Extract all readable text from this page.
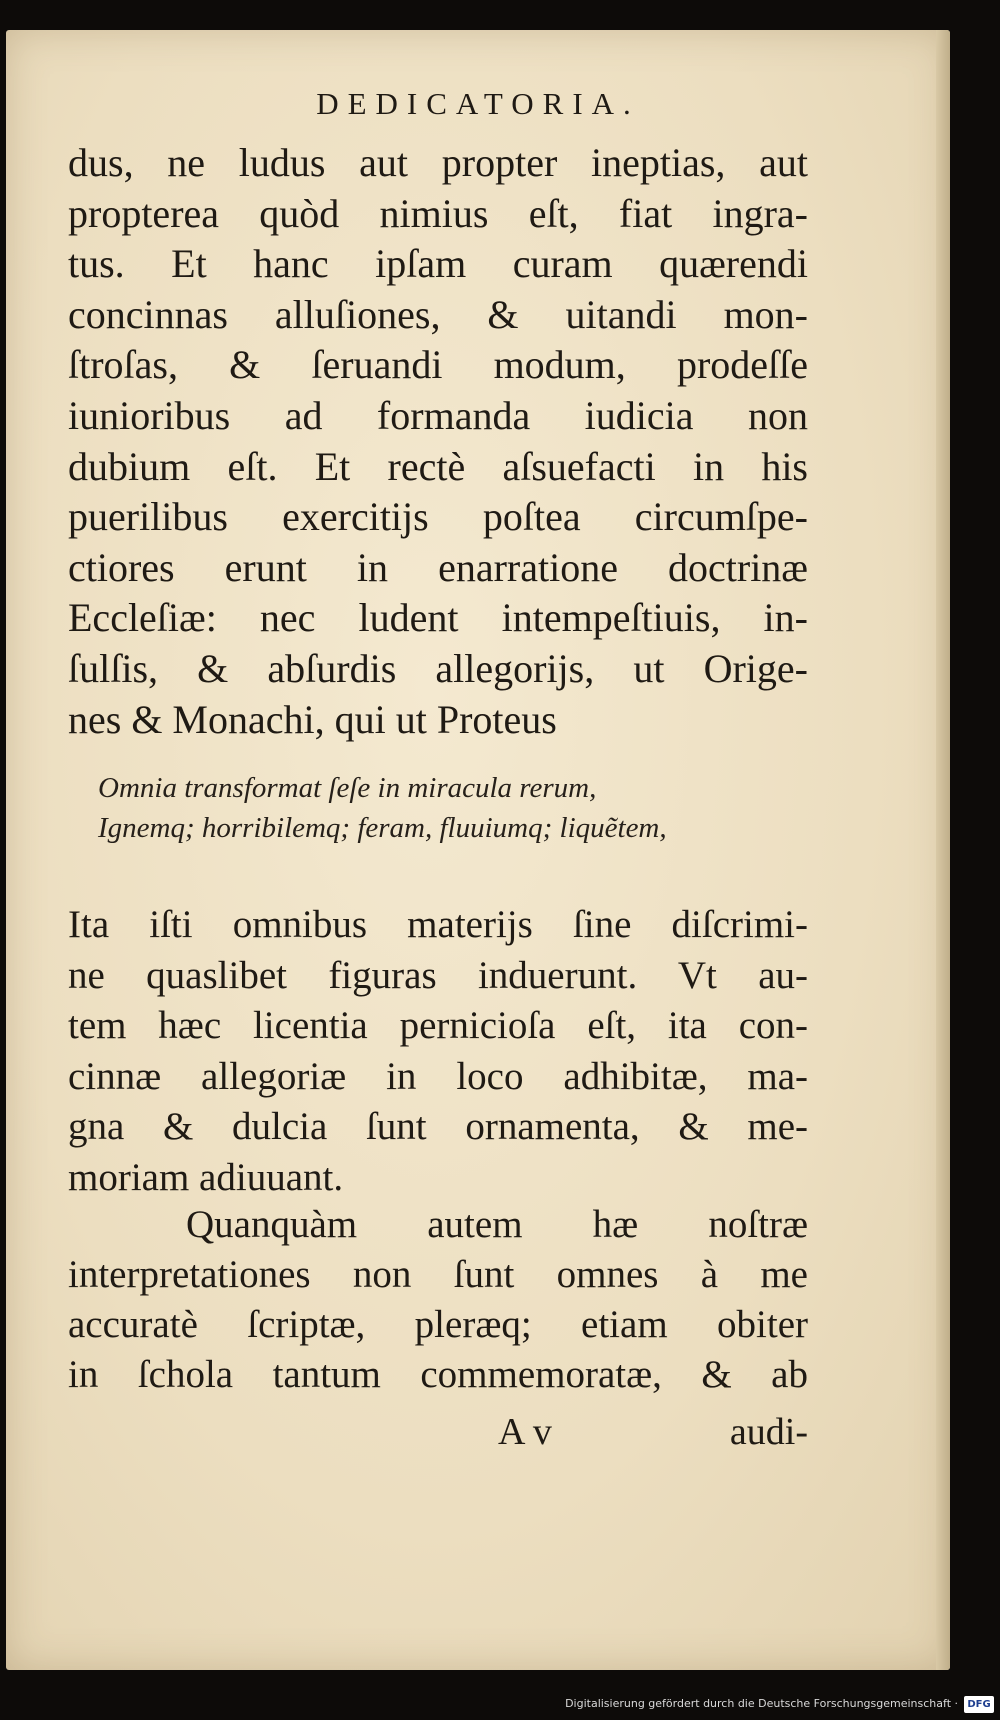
DEDICATORIA.
dus, ne ludus aut propter ineptias, aut
propterea quòd nimius eſt, fiat ingra-
tus. Et hanc ipſam curam quærendi
concinnas alluſiones, & uitandi mon-
ſtroſas, & ſeruandi modum, prodeſſe
iunioribus ad formanda iudicia non
dubium eſt. Et rectè aſsuefacti in his
puerilibus exercitijs poſtea circumſpe-
ctiores erunt in enarratione doctrinæ
Eccleſiæ: nec ludent intempeſtiuis, in-
ſulſis, & abſurdis allegorijs, ut Orige-
nes & Monachi, qui ut Proteus
Omnia transformat ſeſe in miracula rerum,
Ignemq; horribilemq; feram, fluuiumq; liquẽtem,
Ita iſti omnibus materijs ſine diſcrimi-
ne quaslibet figuras induerunt. Vt au-
tem hæc licentia pernicioſa eſt, ita con-
cinnæ allegoriæ in loco adhibitæ, ma-
gna & dulcia ſunt ornamenta, & me-
moriam adiuuant.
Quanquàm autem hæ noſtræ
interpretationes non ſunt omnes à me
accuratè ſcriptæ, pleræq; etiam obiter
in ſchola tantum commemoratæ, & ab
A v	audi-
Digitalisierung gefördert durch die Deutsche Forschungsgemeinschaft · DFG
